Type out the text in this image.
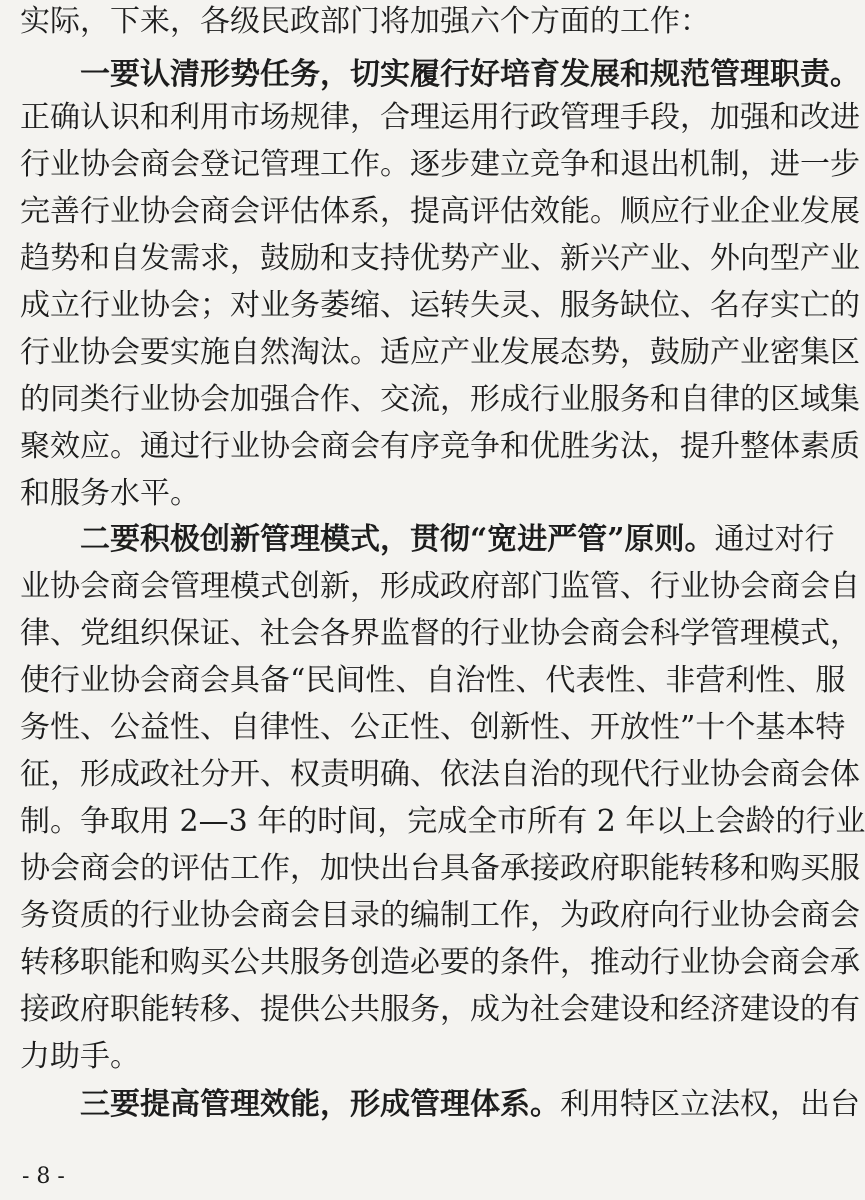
实际，下来，各级民政部门将加强六个方面的工作：
一要认清形势任务，切实履行好培育发展和规范管理职责。
正确认识和利用市场规律，合理运用行政管理手段，加强和改进
行业协会商会登记管理工作。逐步建立竞争和退出机制，进一步
完善行业协会商会评估体系，提高评估效能。顺应行业企业发展
趋势和自发需求，鼓励和支持优势产业、新兴产业、外向型产业
成立行业协会；对业务萎缩、运转失灵、服务缺位、名存实亡的
行业协会要实施自然淘汰。适应产业发展态势，鼓励产业密集区
的同类行业协会加强合作、交流，形成行业服务和自律的区域集
聚效应。通过行业协会商会有序竞争和优胜劣汰，提升整体素质
和服务水平。
二要积极创新管理模式，贯彻“宽进严管”原则。通过对行
业协会商会管理模式创新，形成政府部门监管、行业协会商会自
律、党组织保证、社会各界监督的行业协会商会科学管理模式，
使行业协会商会具备“民间性、自治性、代表性、非营利性、服
务性、公益性、自律性、公正性、创新性、开放性”十个基本特
征，形成政社分开、权责明确、依法自治的现代行业协会商会体
制。争取用 2—3 年的时间，完成全市所有 2 年以上会龄的行业
协会商会的评估工作，加快出台具备承接政府职能转移和购买服
务资质的行业协会商会目录的编制工作，为政府向行业协会商会
转移职能和购买公共服务创造必要的条件，推动行业协会商会承
接政府职能转移、提供公共服务，成为社会建设和经济建设的有
力助手。
三要提高管理效能，形成管理体系。利用特区立法权，出台
- 8 -
